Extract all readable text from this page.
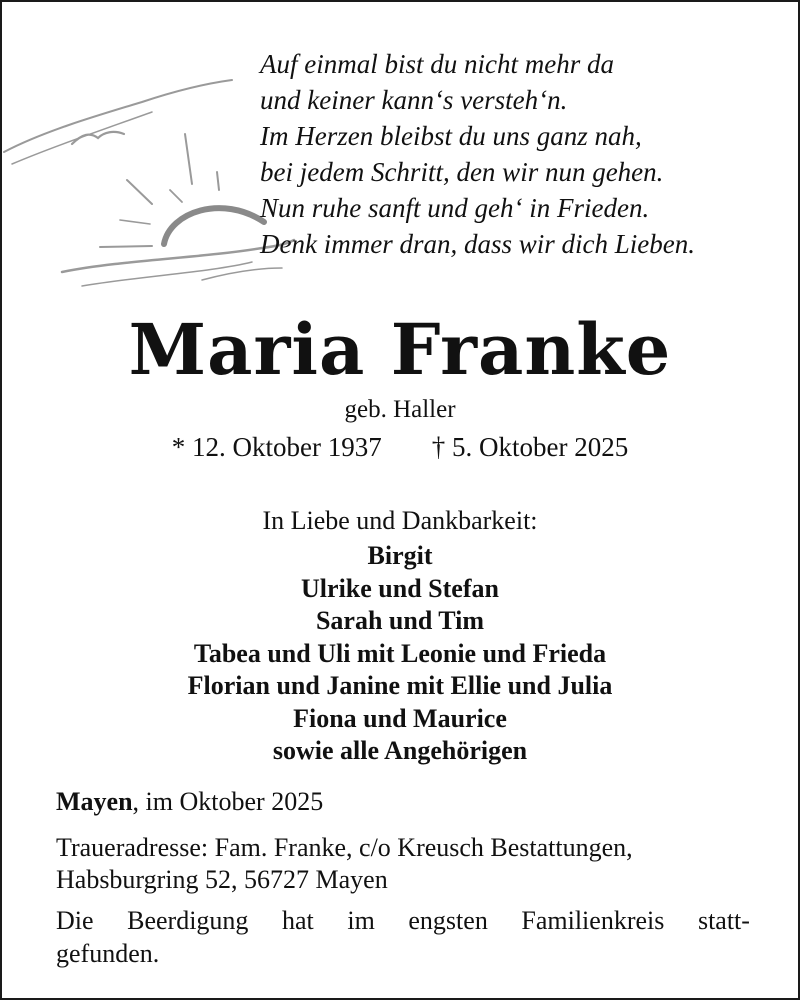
Auf einmal bist du nicht mehr da
und keiner kann‘s versteh‘n.
Im Herzen bleibst du uns ganz nah,
bei jedem Schritt, den wir nun gehen.
Nun ruhe sanft und geh‘ in Frieden.
Denk immer dran, dass wir dich Lieben.
Maria Franke
geb. Haller
* 12. Oktober 1937 † 5. Oktober 2025
In Liebe und Dankbarkeit:
Birgit
Ulrike und Stefan
Sarah und Tim
Tabea und Uli mit Leonie und Frieda
Florian und Janine mit Ellie und Julia
Fiona und Maurice
sowie alle Angehörigen
Mayen, im Oktober 2025
Traueradresse: Fam. Franke, c/o Kreusch Bestattungen,
Habsburgring 52, 56727 Mayen
Die Beerdigung hat im engsten Familienkreis statt-
gefunden.
